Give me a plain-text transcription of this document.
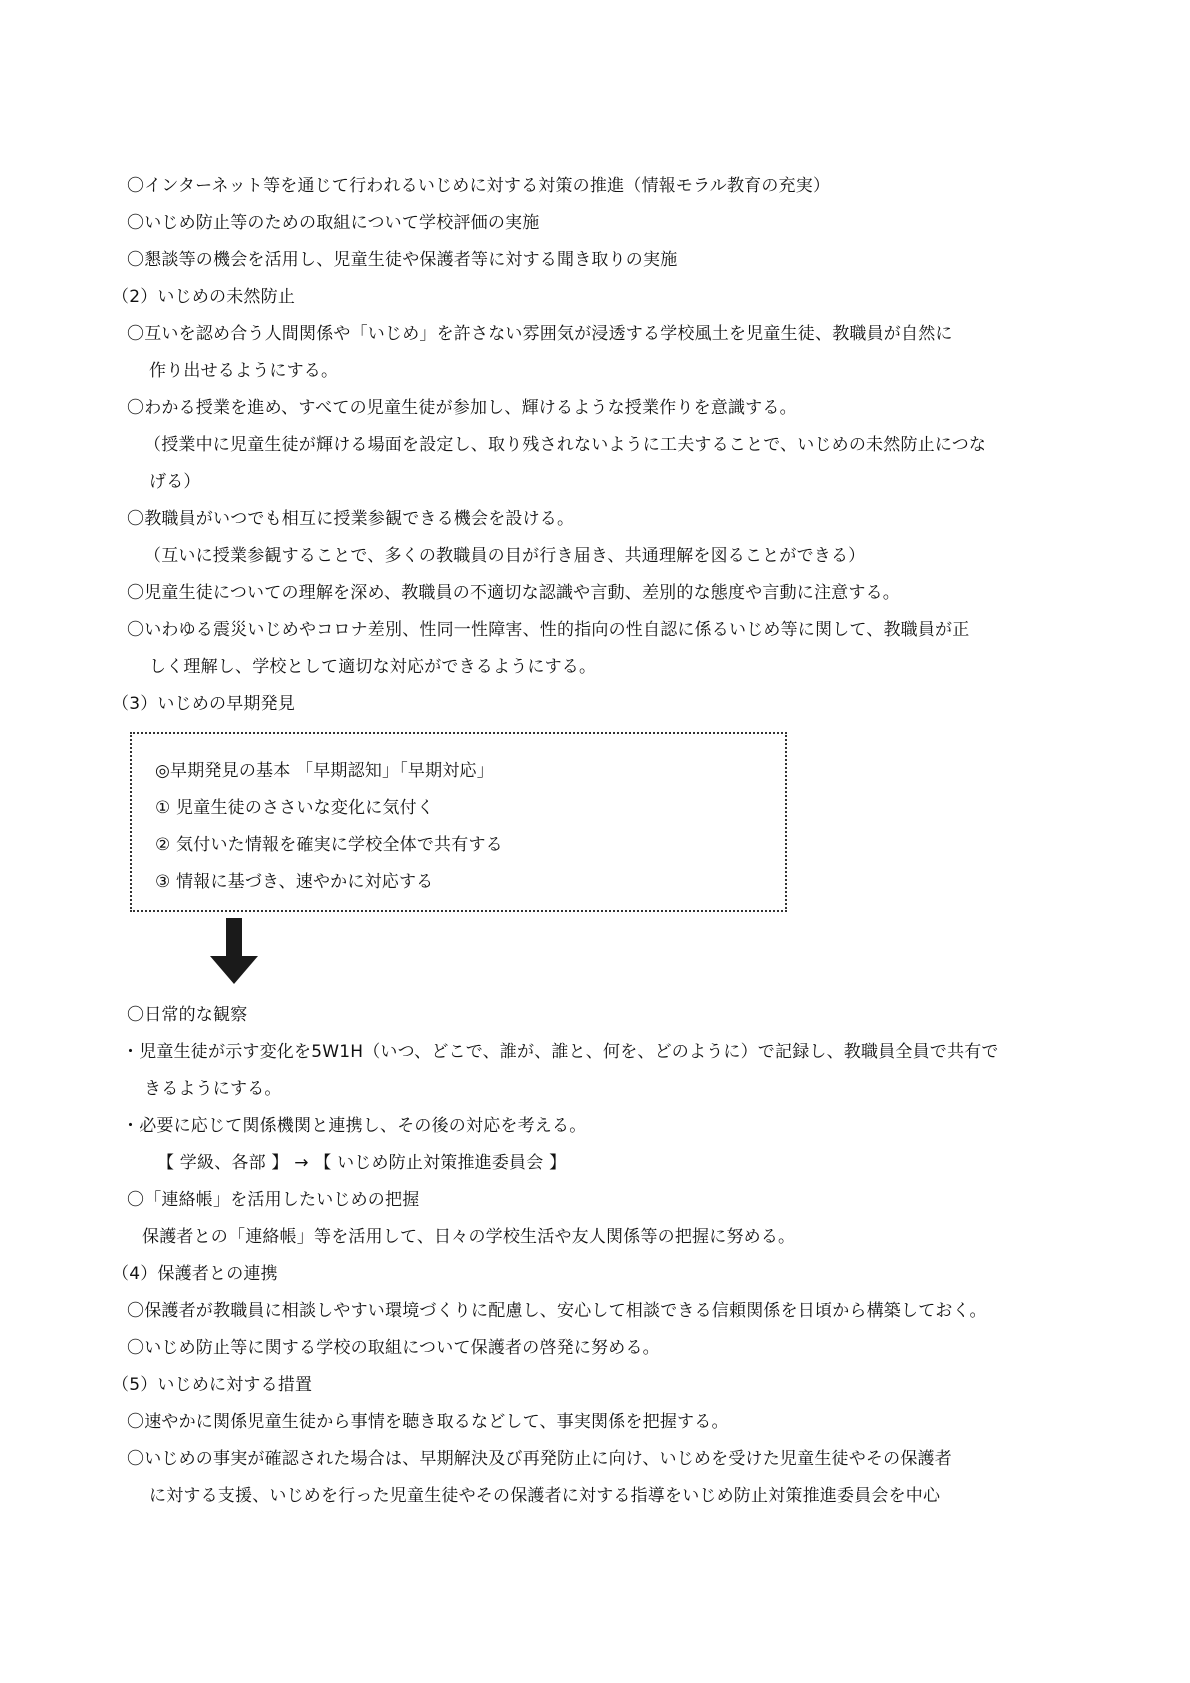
〇インターネット等を通じて行われるいじめに対する対策の推進（情報モラル教育の充実）
〇いじめ防止等のための取組について学校評価の実施
〇懇談等の機会を活用し、児童生徒や保護者等に対する聞き取りの実施
（2）いじめの未然防止
〇互いを認め合う人間関係や「いじめ」を許さない雰囲気が浸透する学校風土を児童生徒、教職員が自然に
作り出せるようにする。
〇わかる授業を進め、すべての児童生徒が参加し、輝けるような授業作りを意識する。
（授業中に児童生徒が輝ける場面を設定し、取り残されないように工夫することで、いじめの未然防止につな
げる）
〇教職員がいつでも相互に授業参観できる機会を設ける。
（互いに授業参観することで、多くの教職員の目が行き届き、共通理解を図ることができる）
〇児童生徒についての理解を深め、教職員の不適切な認識や言動、差別的な態度や言動に注意する。
〇いわゆる震災いじめやコロナ差別、性同一性障害、性的指向の性自認に係るいじめ等に関して、教職員が正
しく理解し、学校として適切な対応ができるようにする。
（3）いじめの早期発見
◎早期発見の基本 「早期認知」「早期対応」
① 児童生徒のささいな変化に気付く
② 気付いた情報を確実に学校全体で共有する
③ 情報に基づき、速やかに対応する
〇日常的な観察
・児童生徒が示す変化を5W1H（いつ、どこで、誰が、誰と、何を、どのように）で記録し、教職員全員で共有で
きるようにする。
・必要に応じて関係機関と連携し、その後の対応を考える。
【 学級、各部 】 → 【 いじめ防止対策推進委員会 】
〇「連絡帳」を活用したいじめの把握
保護者との「連絡帳」等を活用して、日々の学校生活や友人関係等の把握に努める。
（4）保護者との連携
〇保護者が教職員に相談しやすい環境づくりに配慮し、安心して相談できる信頼関係を日頃から構築しておく。
〇いじめ防止等に関する学校の取組について保護者の啓発に努める。
（5）いじめに対する措置
〇速やかに関係児童生徒から事情を聴き取るなどして、事実関係を把握する。
〇いじめの事実が確認された場合は、早期解決及び再発防止に向け、いじめを受けた児童生徒やその保護者
に対する支援、いじめを行った児童生徒やその保護者に対する指導をいじめ防止対策推進委員会を中心
